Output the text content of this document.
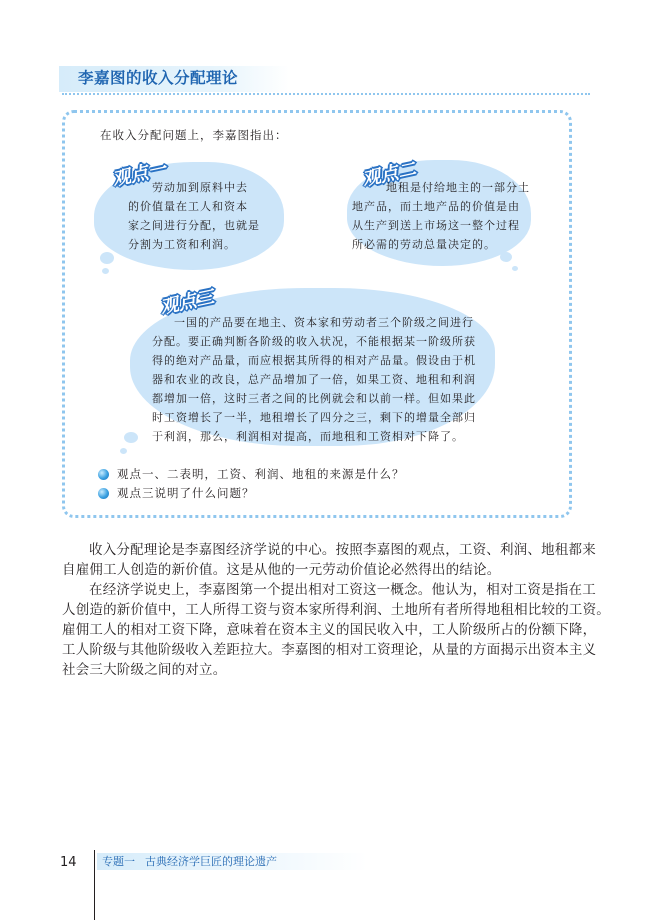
李嘉图的收入分配理论
在收入分配问题上，李嘉图指出：
观点一
劳动加到原料中去
的价值量在工人和资本
家之间进行分配，也就是
分割为工资和利润。
观点二
地租是付给地主的一部分土
地产品，而土地产品的价值是由
从生产到送上市场这一整个过程
所必需的劳动总量决定的。
观点三
一国的产品要在地主、资本家和劳动者三个阶级之间进行
分配。要正确判断各阶级的收入状况，不能根据某一阶级所获
得的绝对产品量，而应根据其所得的相对产品量。假设由于机
器和农业的改良，总产品增加了一倍，如果工资、地租和利润
都增加一倍，这时三者之间的比例就会和以前一样。但如果此
时工资增长了一半，地租增长了四分之三，剩下的增量全部归
于利润，那么，利润相对提高，而地租和工资相对下降了。
观点一、二表明，工资、利润、地租的来源是什么？
观点三说明了什么问题？
收入分配理论是李嘉图经济学说的中心。按照李嘉图的观点，工资、利润、地租都来
自雇佣工人创造的新价值。这是从他的一元劳动价值论必然得出的结论。
在经济学说史上，李嘉图第一个提出相对工资这一概念。他认为，相对工资是指在工
人创造的新价值中，工人所得工资与资本家所得利润、土地所有者所得地租相比较的工资。
雇佣工人的相对工资下降，意味着在资本主义的国民收入中，工人阶级所占的份额下降，
工人阶级与其他阶级收入差距拉大。李嘉图的相对工资理论，从量的方面揭示出资本主义
社会三大阶级之间的对立。
14 专题一 古典经济学巨匠的理论遗产
